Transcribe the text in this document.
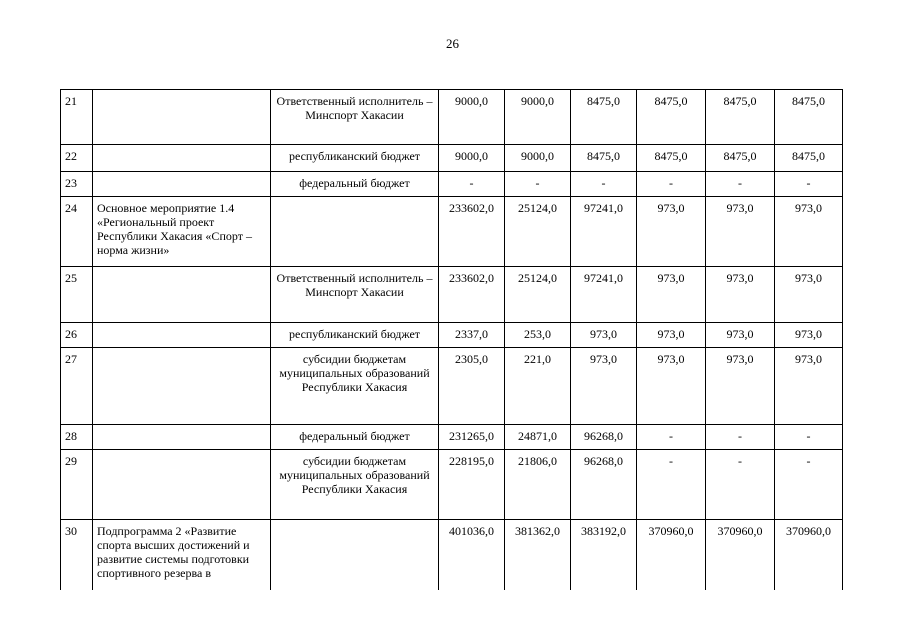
26
21		Ответственный исполнитель – Минспорт Хакасии	9000,0	9000,0	8475,0	8475,0	8475,0	8475,0
22		республиканский бюджет	9000,0	9000,0	8475,0	8475,0	8475,0	8475,0
23		федеральный бюджет	-	-	-	-	-	-
24	Основное мероприятие 1.4 «Региональный проект Республики Хакасия «Спорт – норма жизни»		233602,0	25124,0	97241,0	973,0	973,0	973,0
25		Ответственный исполнитель – Минспорт Хакасии	233602,0	25124,0	97241,0	973,0	973,0	973,0
26		республиканский бюджет	2337,0	253,0	973,0	973,0	973,0	973,0
27		субсидии бюджетам муниципальных образований Республики Хакасия	2305,0	221,0	973,0	973,0	973,0	973,0
28		федеральный бюджет	231265,0	24871,0	96268,0	-	-	-
29		субсидии бюджетам муниципальных образований Республики Хакасия	228195,0	21806,0	96268,0	-	-	-
30	Подпрограмма 2 «Развитие спорта высших достижений и развитие системы подготовки спортивного резерва в		401036,0	381362,0	383192,0	370960,0	370960,0	370960,0
